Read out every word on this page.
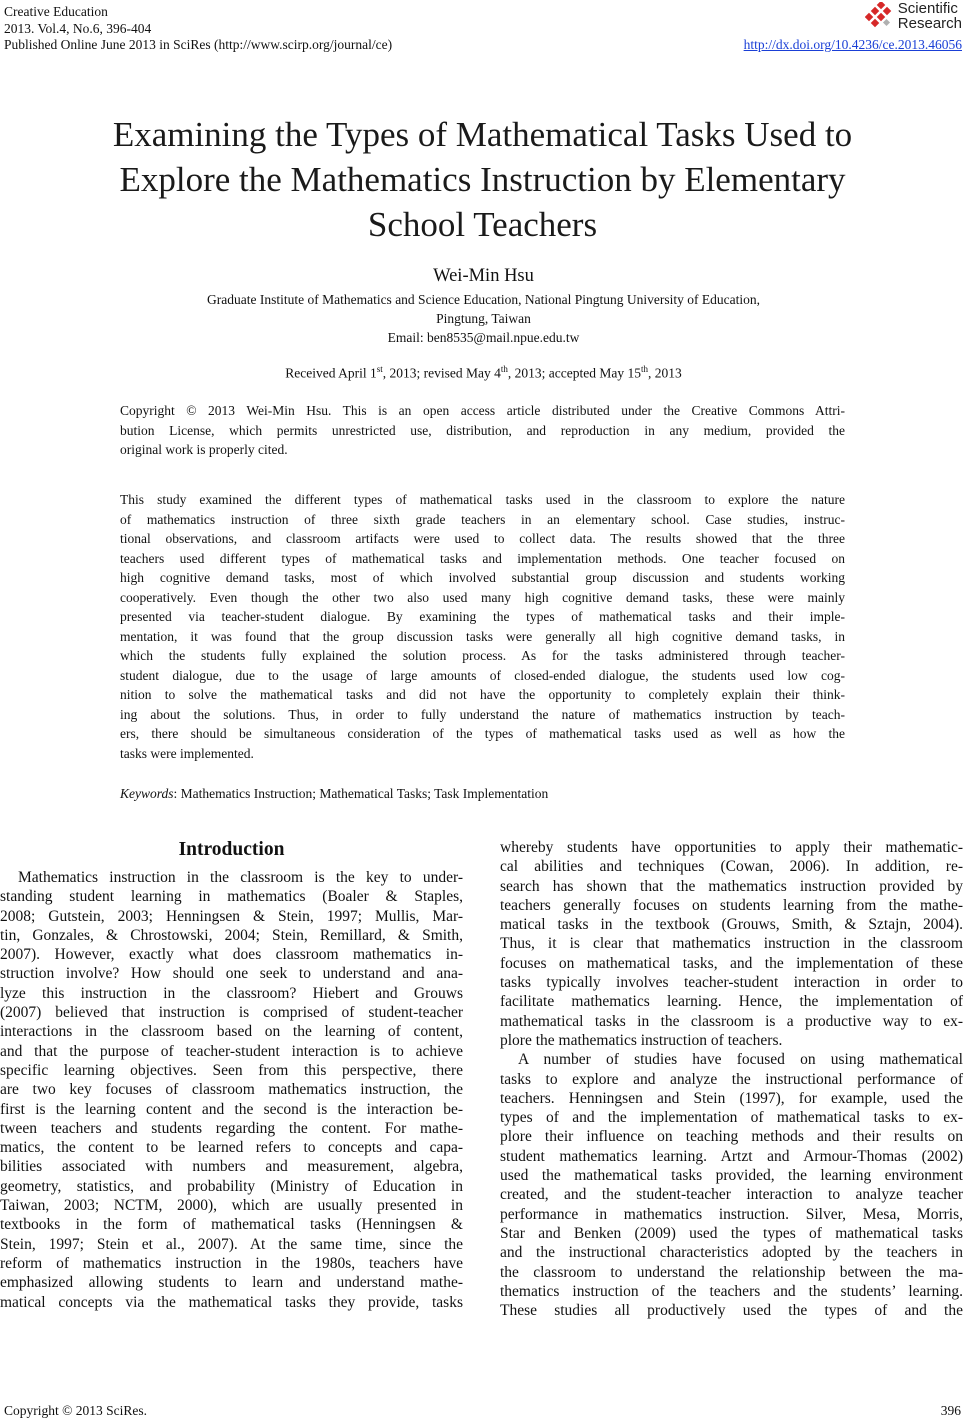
Creative Education
2013. Vol.4, No.6, 396-404
Published Online June 2013 in SciRes (http://www.scirp.org/journal/ce)
Scientific
Research
http://dx.doi.org/10.4236/ce.2013.46056
Examining the Types of Mathematical Tasks Used to
Explore the Mathematics Instruction by Elementary
School Teachers
Wei-Min Hsu
Graduate Institute of Mathematics and Science Education, National Pingtung University of Education,
Pingtung, Taiwan
Email: ben8535@mail.npue.edu.tw
Received April 1st, 2013; revised May 4th, 2013; accepted May 15th, 2013
Copyright © 2013 Wei-Min Hsu. This is an open access article distributed under the Creative Commons Attri-
bution License, which permits unrestricted use, distribution, and reproduction in any medium, provided the
original work is properly cited.
This study examined the different types of mathematical tasks used in the classroom to explore the nature
of mathematics instruction of three sixth grade teachers in an elementary school. Case studies, instruc-
tional observations, and classroom artifacts were used to collect data. The results showed that the three
teachers used different types of mathematical tasks and implementation methods. One teacher focused on
high cognitive demand tasks, most of which involved substantial group discussion and students working
cooperatively. Even though the other two also used many high cognitive demand tasks, these were mainly
presented via teacher-student dialogue. By examining the types of mathematical tasks and their imple-
mentation, it was found that the group discussion tasks were generally all high cognitive demand tasks, in
which the students fully explained the solution process. As for the tasks administered through teacher-
student dialogue, due to the usage of large amounts of closed-ended dialogue, the students used low cog-
nition to solve the mathematical tasks and did not have the opportunity to completely explain their think-
ing about the solutions. Thus, in order to fully understand the nature of mathematics instruction by teach-
ers, there should be simultaneous consideration of the types of mathematical tasks used as well as how the
tasks were implemented.
Keywords: Mathematics Instruction; Mathematical Tasks; Task Implementation
Introduction
Mathematics instruction in the classroom is the key to under-
standing student learning in mathematics (Boaler & Staples,
2008; Gutstein, 2003; Henningsen & Stein, 1997; Mullis, Mar-
tin, Gonzales, & Chrostowski, 2004; Stein, Remillard, & Smith,
2007). However, exactly what does classroom mathematics in-
struction involve? How should one seek to understand and ana-
lyze this instruction in the classroom? Hiebert and Grouws
(2007) believed that instruction is comprised of student-teacher
interactions in the classroom based on the learning of content,
and that the purpose of teacher-student interaction is to achieve
specific learning objectives. Seen from this perspective, there
are two key focuses of classroom mathematics instruction, the
first is the learning content and the second is the interaction be-
tween teachers and students regarding the content. For mathe-
matics, the content to be learned refers to concepts and capa-
bilities associated with numbers and measurement, algebra,
geometry, statistics, and probability (Ministry of Education in
Taiwan, 2003; NCTM, 2000), which are usually presented in
textbooks in the form of mathematical tasks (Henningsen &
Stein, 1997; Stein et al., 2007). At the same time, since the
reform of mathematics instruction in the 1980s, teachers have
emphasized allowing students to learn and understand mathe-
matical concepts via the mathematical tasks they provide, tasks
whereby students have opportunities to apply their mathematic-
cal abilities and techniques (Cowan, 2006). In addition, re-
search has shown that the mathematics instruction provided by
teachers generally focuses on students learning from the mathe-
matical tasks in the textbook (Grouws, Smith, & Sztajn, 2004).
Thus, it is clear that mathematics instruction in the classroom
focuses on mathematical tasks, and the implementation of these
tasks typically involves teacher-student interaction in order to
facilitate mathematics learning. Hence, the implementation of
mathematical tasks in the classroom is a productive way to ex-
plore the mathematics instruction of teachers.
A number of studies have focused on using mathematical
tasks to explore and analyze the instructional performance of
teachers. Henningsen and Stein (1997), for example, used the
types of and the implementation of mathematical tasks to ex-
plore their influence on teaching methods and their results on
student mathematics learning. Artzt and Armour-Thomas (2002)
used the mathematical tasks provided, the learning environment
created, and the student-teacher interaction to analyze teacher
performance in mathematics instruction. Silver, Mesa, Morris,
Star and Benken (2009) used the types of mathematical tasks
and the instructional characteristics adopted by the teachers in
the classroom to understand the relationship between the ma-
thematics instruction of the teachers and the students’ learning.
These studies all productively used the types of and the
Copyright © 2013 SciRes.	396
